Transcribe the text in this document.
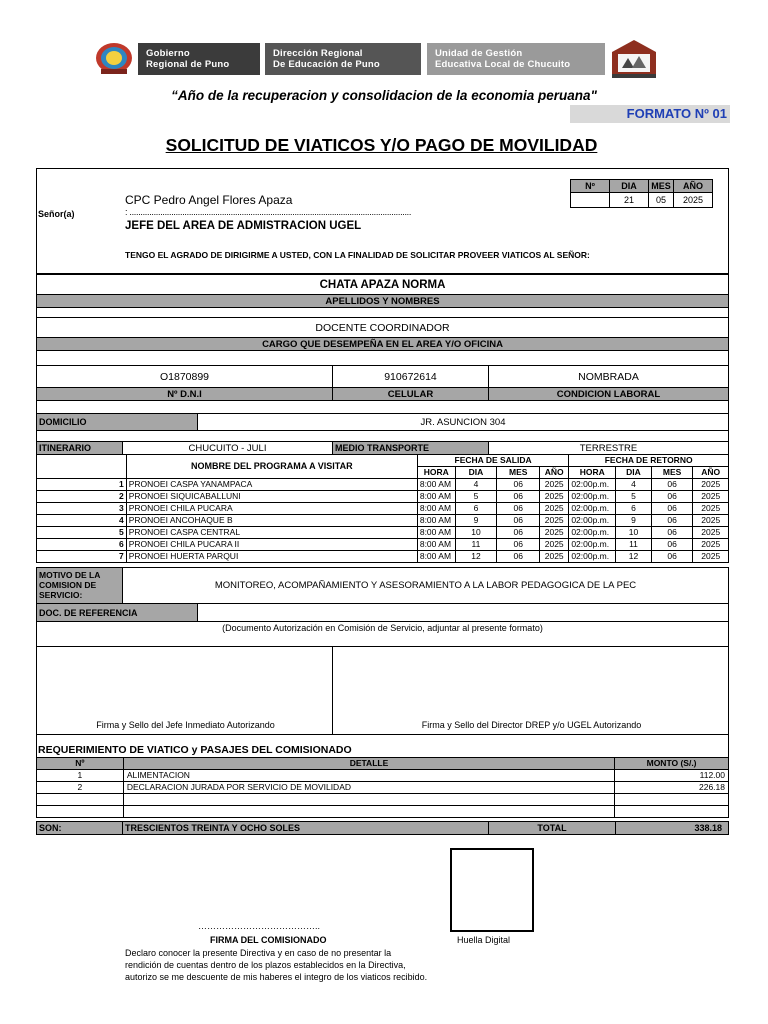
Gobierno
Regional de Puno
Dirección Regional
De Educación de Puno
Unidad de Gestión
Educativa Local de Chucuito
“Año de la recuperacion y consolidacion de la economia peruana"
FORMATO Nº 01
SOLICITUD DE VIATICOS Y/O PAGO DE MOVILIDAD
Nº	DIA	MES	AÑO
	21	05	2025
CPC Pedro Angel Flores Apaza
Señor(a)	: ................................................................................................................................
JEFE DEL AREA DE ADMISTRACION UGEL
TENGO EL AGRADO DE DIRIGIRME A USTED, CON LA FINALIDAD DE SOLICITAR PROVEER VIATICOS AL SEÑOR:
CHATA APAZA NORMA
APELLIDOS Y NOMBRES
DOCENTE COORDINADOR
CARGO QUE DESEMPEÑA EN EL AREA Y/O OFICINA
O1870899	910672614	NOMBRADA
Nº D.N.I	CELULAR	CONDICION LABORAL
DOMICILIO	JR. ASUNCION 304
ITINERARIO	CHUCUITO - JULI	MEDIO TRANSPORTE	TERRESTRE
	NOMBRE DEL PROGRAMA A VISITAR	FECHA DE SALIDA				FECHA DE RETORNO			
		HORA	DIA	MES	AÑO	HORA	DIA	MES	AÑO
1	PRONOEI CASPA YANAMPACA	8:00 AM	4	06	2025	02:00p.m.	4	06	2025
2	PRONOEI SIQUICABALLUNI	8:00 AM	5	06	2025	02:00p.m.	5	06	2025
3	PRONOEI CHILA PUCARA	8:00 AM	6	06	2025	02:00p.m.	6	06	2025
4	PRONOEI ANCOHAQUE B	8:00 AM	9	06	2025	02:00p.m.	9	06	2025
5	PRONOEI CASPA CENTRAL	8:00 AM	10	06	2025	02:00p.m.	10	06	2025
6	PRONOEI CHILA PUCARA II	8:00 AM	11	06	2025	02:00p.m.	11	06	2025
7	PRONOEI HUERTA PARQUI	8:00 AM	12	06	2025	02:00p.m.	12	06	2025
MOTIVO DE LA COMISION DE SERVICIO:
MONITOREO, ACOMPAÑAMIENTO Y ASESORAMIENTO A LA LABOR PEDAGOGICA DE LA PEC
DOC. DE REFERENCIA
(Documento Autorización en Comisión de Servicio, adjuntar al presente formato)
Firma y Sello del Jefe Inmediato Autorizando	Firma y Sello del Director DREP y/o UGEL Autorizando
REQUERIMIENTO DE VIATICO y PASAJES DEL COMISIONADO
Nº	DETALLE	MONTO (S/.)
1	ALIMENTACION	112.00
2	DECLARACION JURADA POR SERVICIO DE MOVILIDAD	226.18

SON:	TRESCIENTOS TREINTA Y OCHO SOLES	TOTAL	338.18
Huella Digital
…………………………………..
FIRMA DEL COMISIONADO
Declaro conocer la presente Directiva y en caso de no presentar la
rendición de cuentas dentro de los plazos establecidos en la Directiva,
autorizo se me descuente de mis haberes el integro de los viaticos recibido.
